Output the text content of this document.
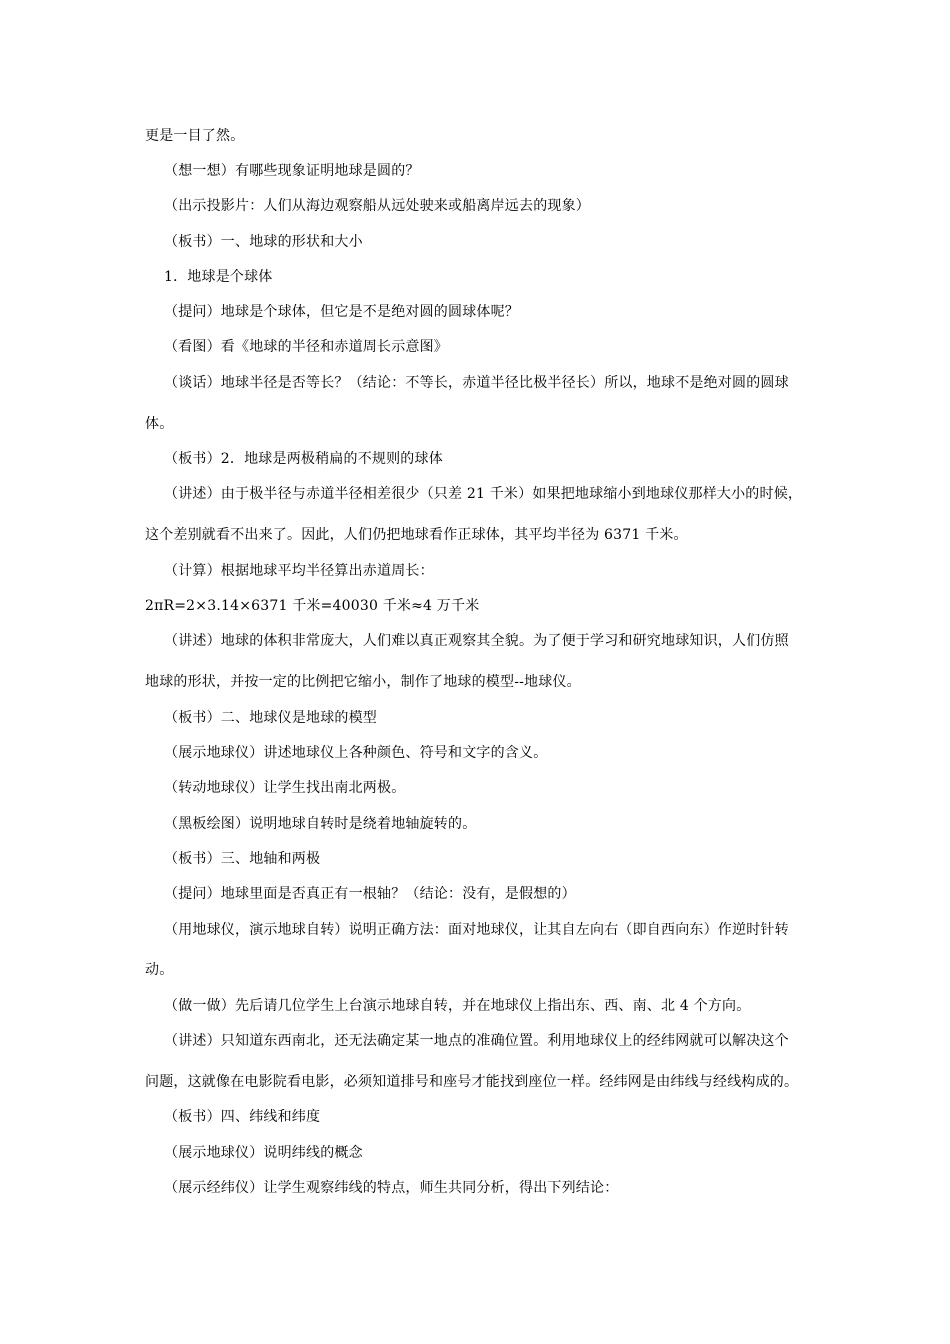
更是一目了然。
（想一想）有哪些现象证明地球是圆的？
（出示投影片：人们从海边观察船从远处驶来或船离岸远去的现象）
（板书）一、地球的形状和大小
1．地球是个球体
（提问）地球是个球体，但它是不是绝对圆的圆球体呢？
（看图）看《地球的半径和赤道周长示意图》
（谈话）地球半径是否等长？（结论：不等长，赤道半径比极半径长）所以，地球不是绝对圆的圆球
体。
（板书）2．地球是两极稍扁的不规则的球体
（讲述）由于极半径与赤道半径相差很少（只差 21 千米）如果把地球缩小到地球仪那样大小的时候，
这个差别就看不出来了。因此，人们仍把地球看作正球体，其平均半径为 6371 千米。
（计算）根据地球平均半径算出赤道周长：
2πR=2×3.14×6371 千米=40030 千米≈4 万千米
（讲述）地球的体积非常庞大，人们难以真正观察其全貌。为了便于学习和研究地球知识，人们仿照
地球的形状，并按一定的比例把它缩小，制作了地球的模型--地球仪。
（板书）二、地球仪是地球的模型
（展示地球仪）讲述地球仪上各种颜色、符号和文字的含义。
（转动地球仪）让学生找出南北两极。
（黑板绘图）说明地球自转时是绕着地轴旋转的。
（板书）三、地轴和两极
（提问）地球里面是否真正有一根轴？（结论：没有，是假想的）
（用地球仪，演示地球自转）说明正确方法：面对地球仪，让其自左向右（即自西向东）作逆时针转
动。
（做一做）先后请几位学生上台演示地球自转，并在地球仪上指出东、西、南、北 4 个方向。
（讲述）只知道东西南北，还无法确定某一地点的准确位置。利用地球仪上的经纬网就可以解决这个
问题，这就像在电影院看电影，必须知道排号和座号才能找到座位一样。经纬网是由纬线与经线构成的。
（板书）四、纬线和纬度
（展示地球仪）说明纬线的概念
（展示经纬仪）让学生观察纬线的特点，师生共同分析，得出下列结论：
